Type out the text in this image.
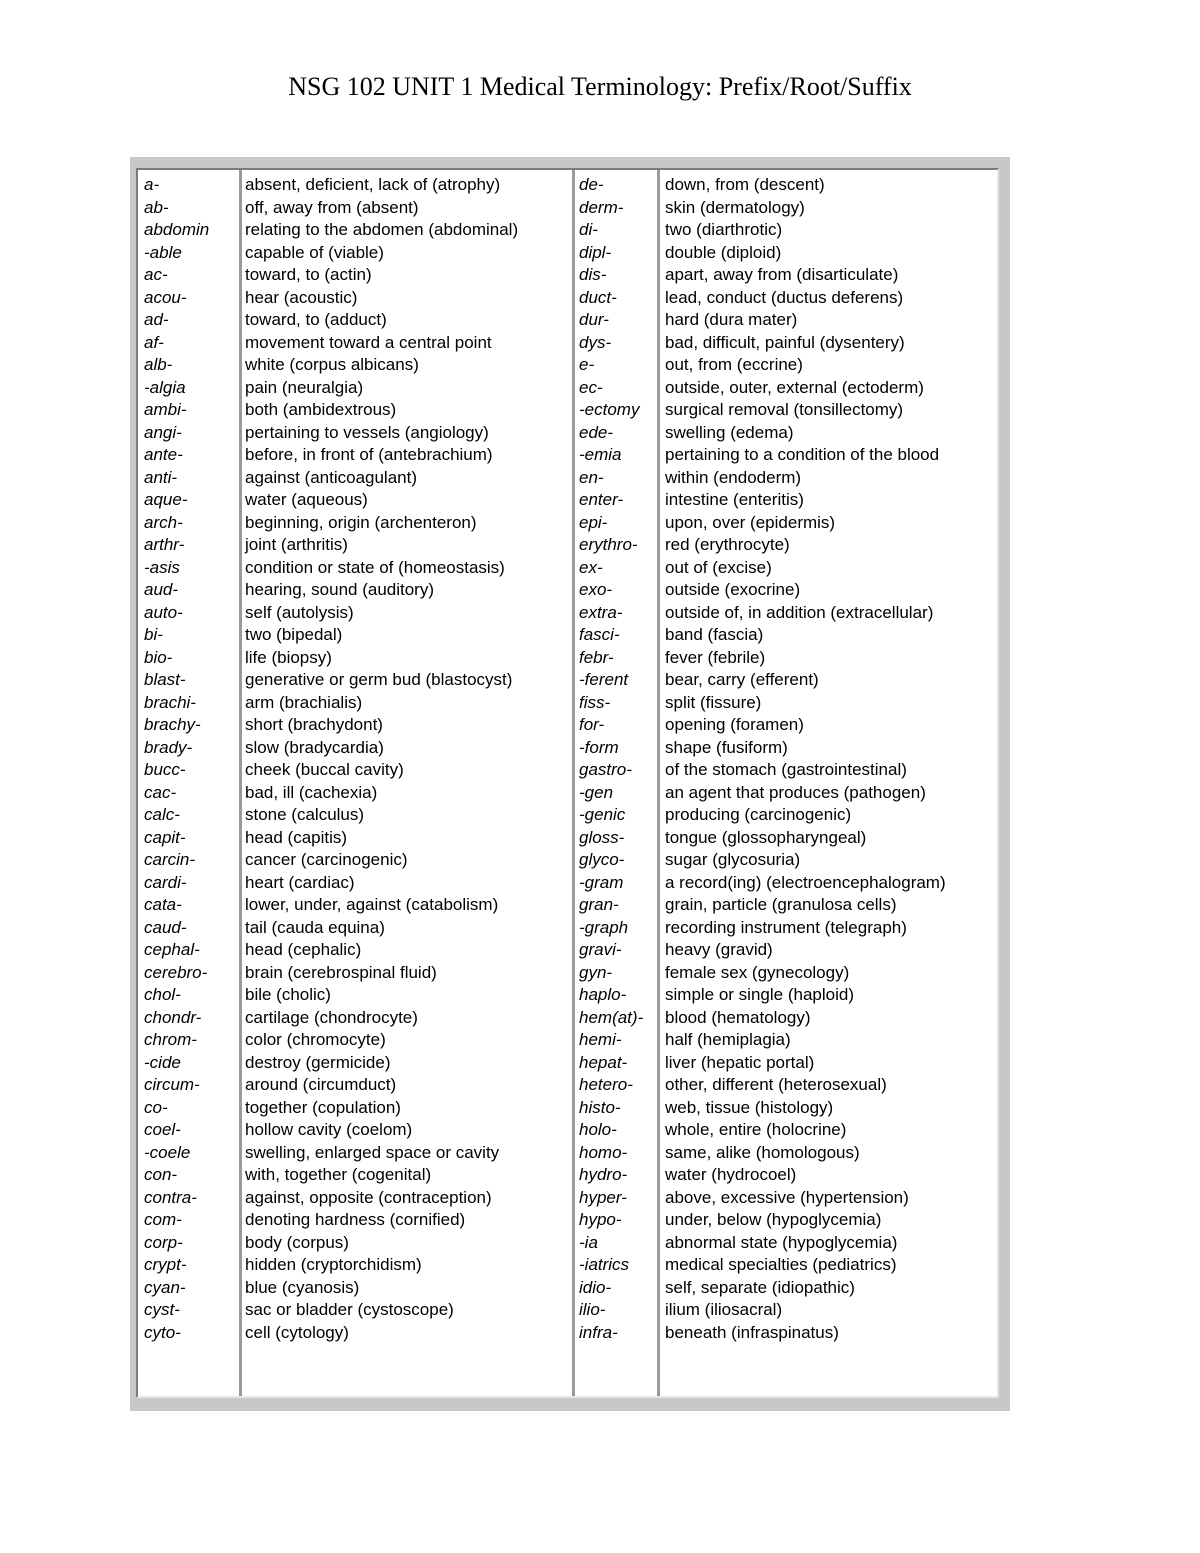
NSG 102 UNIT 1 Medical Terminology: Prefix/Root/Suffix
a-
ab-
abdomin
-able
ac-
acou-
ad-
af-
alb-
-algia
ambi-
angi-
ante-
anti-
aque-
arch-
arthr-
-asis
aud-
auto-
bi-
bio-
blast-
brachi-
brachy-
brady-
bucc-
cac-
calc-
capit-
carcin-
cardi-
cata-
caud-
cephal-
cerebro-
chol-
chondr-
chrom-
-cide
circum-
co-
coel-
-coele
con-
contra-
com-
corp-
crypt-
cyan-
cyst-
cyto-
absent, deficient, lack of (atrophy)
off, away from (absent)
relating to the abdomen (abdominal)
capable of (viable)
toward, to (actin)
hear (acoustic)
toward, to (adduct)
movement toward a central point
white (corpus albicans)
pain (neuralgia)
both (ambidextrous)
pertaining to vessels (angiology)
before, in front of (antebrachium)
against (anticoagulant)
water (aqueous)
beginning, origin (archenteron)
joint (arthritis)
condition or state of (homeostasis)
hearing, sound (auditory)
self (autolysis)
two (bipedal)
life (biopsy)
generative or germ bud (blastocyst)
arm (brachialis)
short (brachydont)
slow (bradycardia)
cheek (buccal cavity)
bad, ill (cachexia)
stone (calculus)
head (capitis)
cancer (carcinogenic)
heart (cardiac)
lower, under, against (catabolism)
tail (cauda equina)
head (cephalic)
brain (cerebrospinal fluid)
bile (cholic)
cartilage (chondrocyte)
color (chromocyte)
destroy (germicide)
around (circumduct)
together (copulation)
hollow cavity (coelom)
swelling, enlarged space or cavity
with, together (cogenital)
against, opposite (contraception)
denoting hardness (cornified)
body (corpus)
hidden (cryptorchidism)
blue (cyanosis)
sac or bladder (cystoscope)
cell (cytology)
de-
derm-
di-
dipl-
dis-
duct-
dur-
dys-
e-
ec-
-ectomy
ede-
-emia
en-
enter-
epi-
erythro-
ex-
exo-
extra-
fasci-
febr-
-ferent
fiss-
for-
-form
gastro-
-gen
-genic
gloss-
glyco-
-gram
gran-
-graph
gravi-
gyn-
haplo-
hem(at)-
hemi-
hepat-
hetero-
histo-
holo-
homo-
hydro-
hyper-
hypo-
-ia
-iatrics
idio-
ilio-
infra-
down, from (descent)
skin (dermatology)
two (diarthrotic)
double (diploid)
apart, away from (disarticulate)
lead, conduct (ductus deferens)
hard (dura mater)
bad, difficult, painful (dysentery)
out, from (eccrine)
outside, outer, external (ectoderm)
surgical removal (tonsillectomy)
swelling (edema)
pertaining to a condition of the blood
within (endoderm)
intestine (enteritis)
upon, over (epidermis)
red (erythrocyte)
out of (excise)
outside (exocrine)
outside of, in addition (extracellular)
band (fascia)
fever (febrile)
bear, carry (efferent)
split (fissure)
opening (foramen)
shape (fusiform)
of the stomach (gastrointestinal)
an agent that produces (pathogen)
producing (carcinogenic)
tongue (glossopharyngeal)
sugar (glycosuria)
a record(ing) (electroencephalogram)
grain, particle (granulosa cells)
recording instrument (telegraph)
heavy (gravid)
female sex (gynecology)
simple or single (haploid)
blood (hematology)
half (hemiplagia)
liver (hepatic portal)
other, different (heterosexual)
web, tissue (histology)
whole, entire (holocrine)
same, alike (homologous)
water (hydrocoel)
above, excessive (hypertension)
under, below (hypoglycemia)
abnormal state (hypoglycemia)
medical specialties (pediatrics)
self, separate (idiopathic)
ilium (iliosacral)
beneath (infraspinatus)
